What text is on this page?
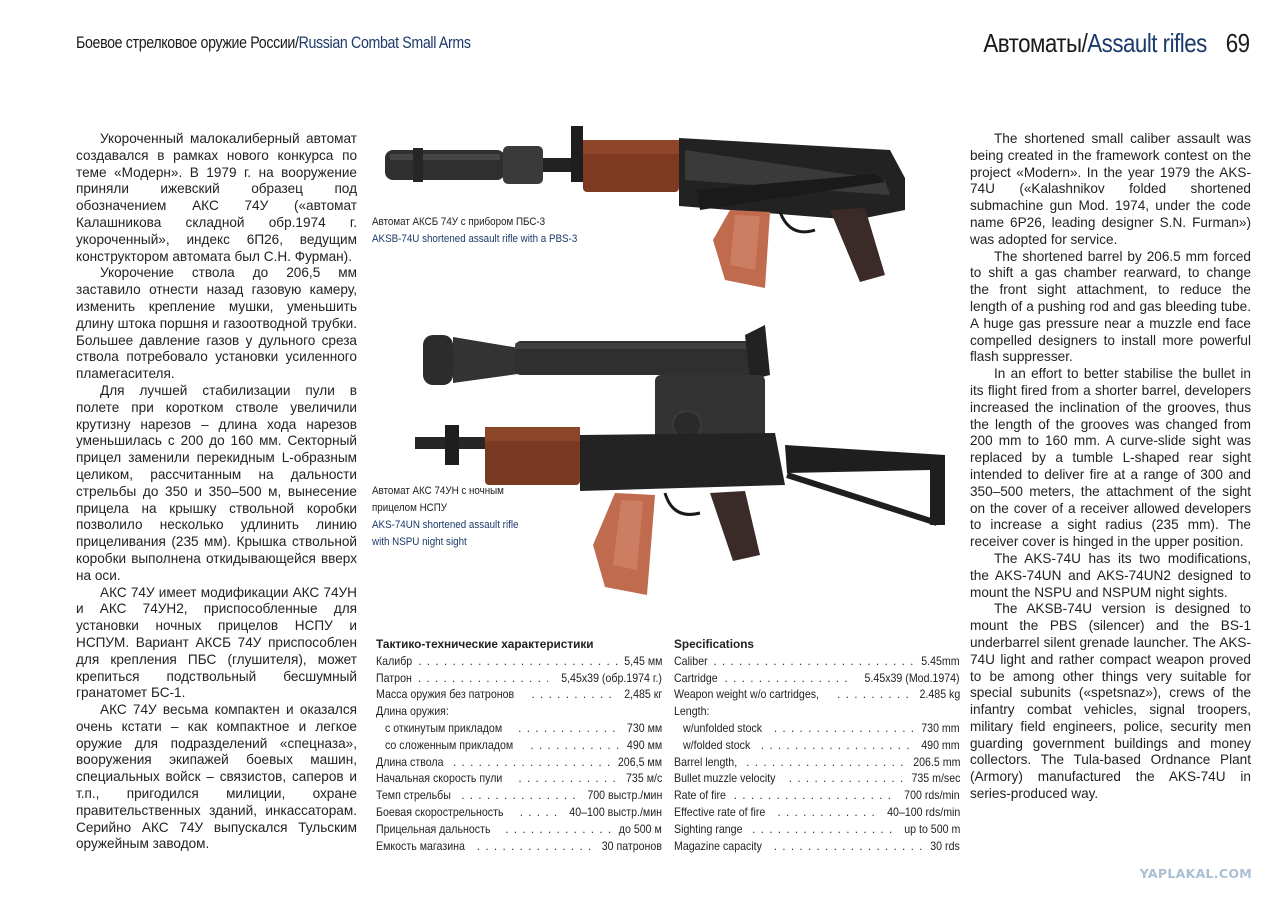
Боевое стрелковое оружие России/Russian Combat Small Arms	Автоматы/Assault rifles 69

Укороченный малокалиберный автомат создавался в рамках нового конкурса по теме «Модерн». В 1979 г. на вооружение приняли ижевский образец под обозначением АКС 74У («автомат Калашникова складной обр.1974 г. укороченный», индекс 6П26, ведущим конструктором автомата был С.Н. Фурман).

Укорочение ствола до 206,5 мм заставило отнести назад газовую камеру, изменить крепление мушки, уменьшить длину штока поршня и газоотводной трубки. Большее давление газов у дульного среза ствола потребовало установки усиленного пламегасителя.

Для лучшей стабилизации пули в полете при коротком стволе увеличили крутизну нарезов – длина хода нарезов уменьшилась с 200 до 160 мм. Секторный прицел заменили перекидным L-образным целиком, рассчитанным на дальности стрельбы до 350 и 350–500 м, вынесение прицела на крышку ствольной коробки позволило несколько удлинить линию прицеливания (235 мм). Крышка ствольной коробки выполнена откидывающейся вверх на оси.

АКС 74У имеет модификации АКС 74УН и АКС 74УН2, приспособленные для установки ночных прицелов НСПУ и НСПУМ. Вариант АКСБ 74У приспособлен для крепления ПБС (глушителя), может крепиться подствольный бесшумный гранатомет БС-1.

АКС 74У весьма компактен и оказался очень кстати – как компактное и легкое оружие для подразделений «спецназа», вооружения экипажей боевых машин, специальных войск – связистов, саперов и т.п., пригодился милиции, охране правительственных зданий, инкассаторам. Серийно АКС 74У выпускался Тульским оружейным заводом.

The shortened small caliber assault was being created in the framework contest on the project «Modern». In the year 1979 the AKS-74U («Kalashnikov folded shortened submachine gun Mod. 1974, under the code name 6P26, leading designer S.N. Furman») was adopted for service.

The shortened barrel by 206.5 mm forced to shift a gas chamber rearward, to change the front sight attachment, to reduce the length of a pushing rod and gas bleeding tube. A huge gas pressure near a muzzle end face compelled designers to install more powerful flash suppresser.

In an effort to better stabilise the bullet in its flight fired from a shorter barrel, developers increased the inclination of the grooves, thus the length of the grooves was changed from 200 mm to 160 mm. A curve-slide sight was replaced by a tumble L-shaped rear sight intended to deliver fire at a range of 300 and 350–500 meters, the attachment of the sight on the cover of a receiver allowed developers to increase a sight radius (235 mm). The receiver cover is hinged in the upper position.

The AKS-74U has its two modifications, the AKS-74UN and AKS-74UN2 designed to mount the NSPU and NSPUM night sights.

The AKSB-74U version is designed to mount the PBS (silencer) and the BS-1 underbarrel silent grenade launcher. The AKS-74U light and rather compact weapon proved to be among other things very suitable for special subunits («spetsnaz»), crews of the infantry combat vehicles, signal troopers, military field engineers, police, security men guarding government buildings and money collectors. The Tula-based Ordnance Plant (Armory) manufactured the AKS-74U in series-produced way.

Автомат АКСБ 74У с прибором ПБС-3
AKSB-74U shortened assault rifle with a PBS-3
Автомат АКС 74УН с ночным
прицелом НСПУ
AKS-74UN shortened assault rifle
with NSPU night sight
Тактико-технические характеристики
Калибр . . .	5,45 мм
Патрон . . .	5,45x39 (обр.1974 г.)
Масса оружия без патронов . . .	2,485 кг
Длина оружия:
с откинутым прикладом . . .	730 мм
со сложенным прикладом . . .	490 мм
Длина ствола . . .	206,5 мм
Начальная скорость пули . . .	735 м/с
Темп стрельбы . . .	700 выстр./мин
Боевая скорострельность . . .	40–100 выстр./мин
Прицельная дальность . . .	до 500 м
Емкость магазина . . .	30 патронов
Specifications
Caliber . . .	5.45mm
Cartridge . . .	5.45x39 (Mod.1974)
Weapon weight w/o cartridges, . . .	2.485 kg
Length:
w/unfolded stock . . .	730 mm
w/folded stock . . .	490 mm
Barrel length, . . .	206.5 mm
Bullet muzzle velocity . . .	735 m/sec
Rate of fire . . .	700 rds/min
Effective rate of fire . . .	40–100 rds/min
Sighting range . . .	up to 500 m
Magazine capacity . . .	30 rds
YAPLAKAL.COM
